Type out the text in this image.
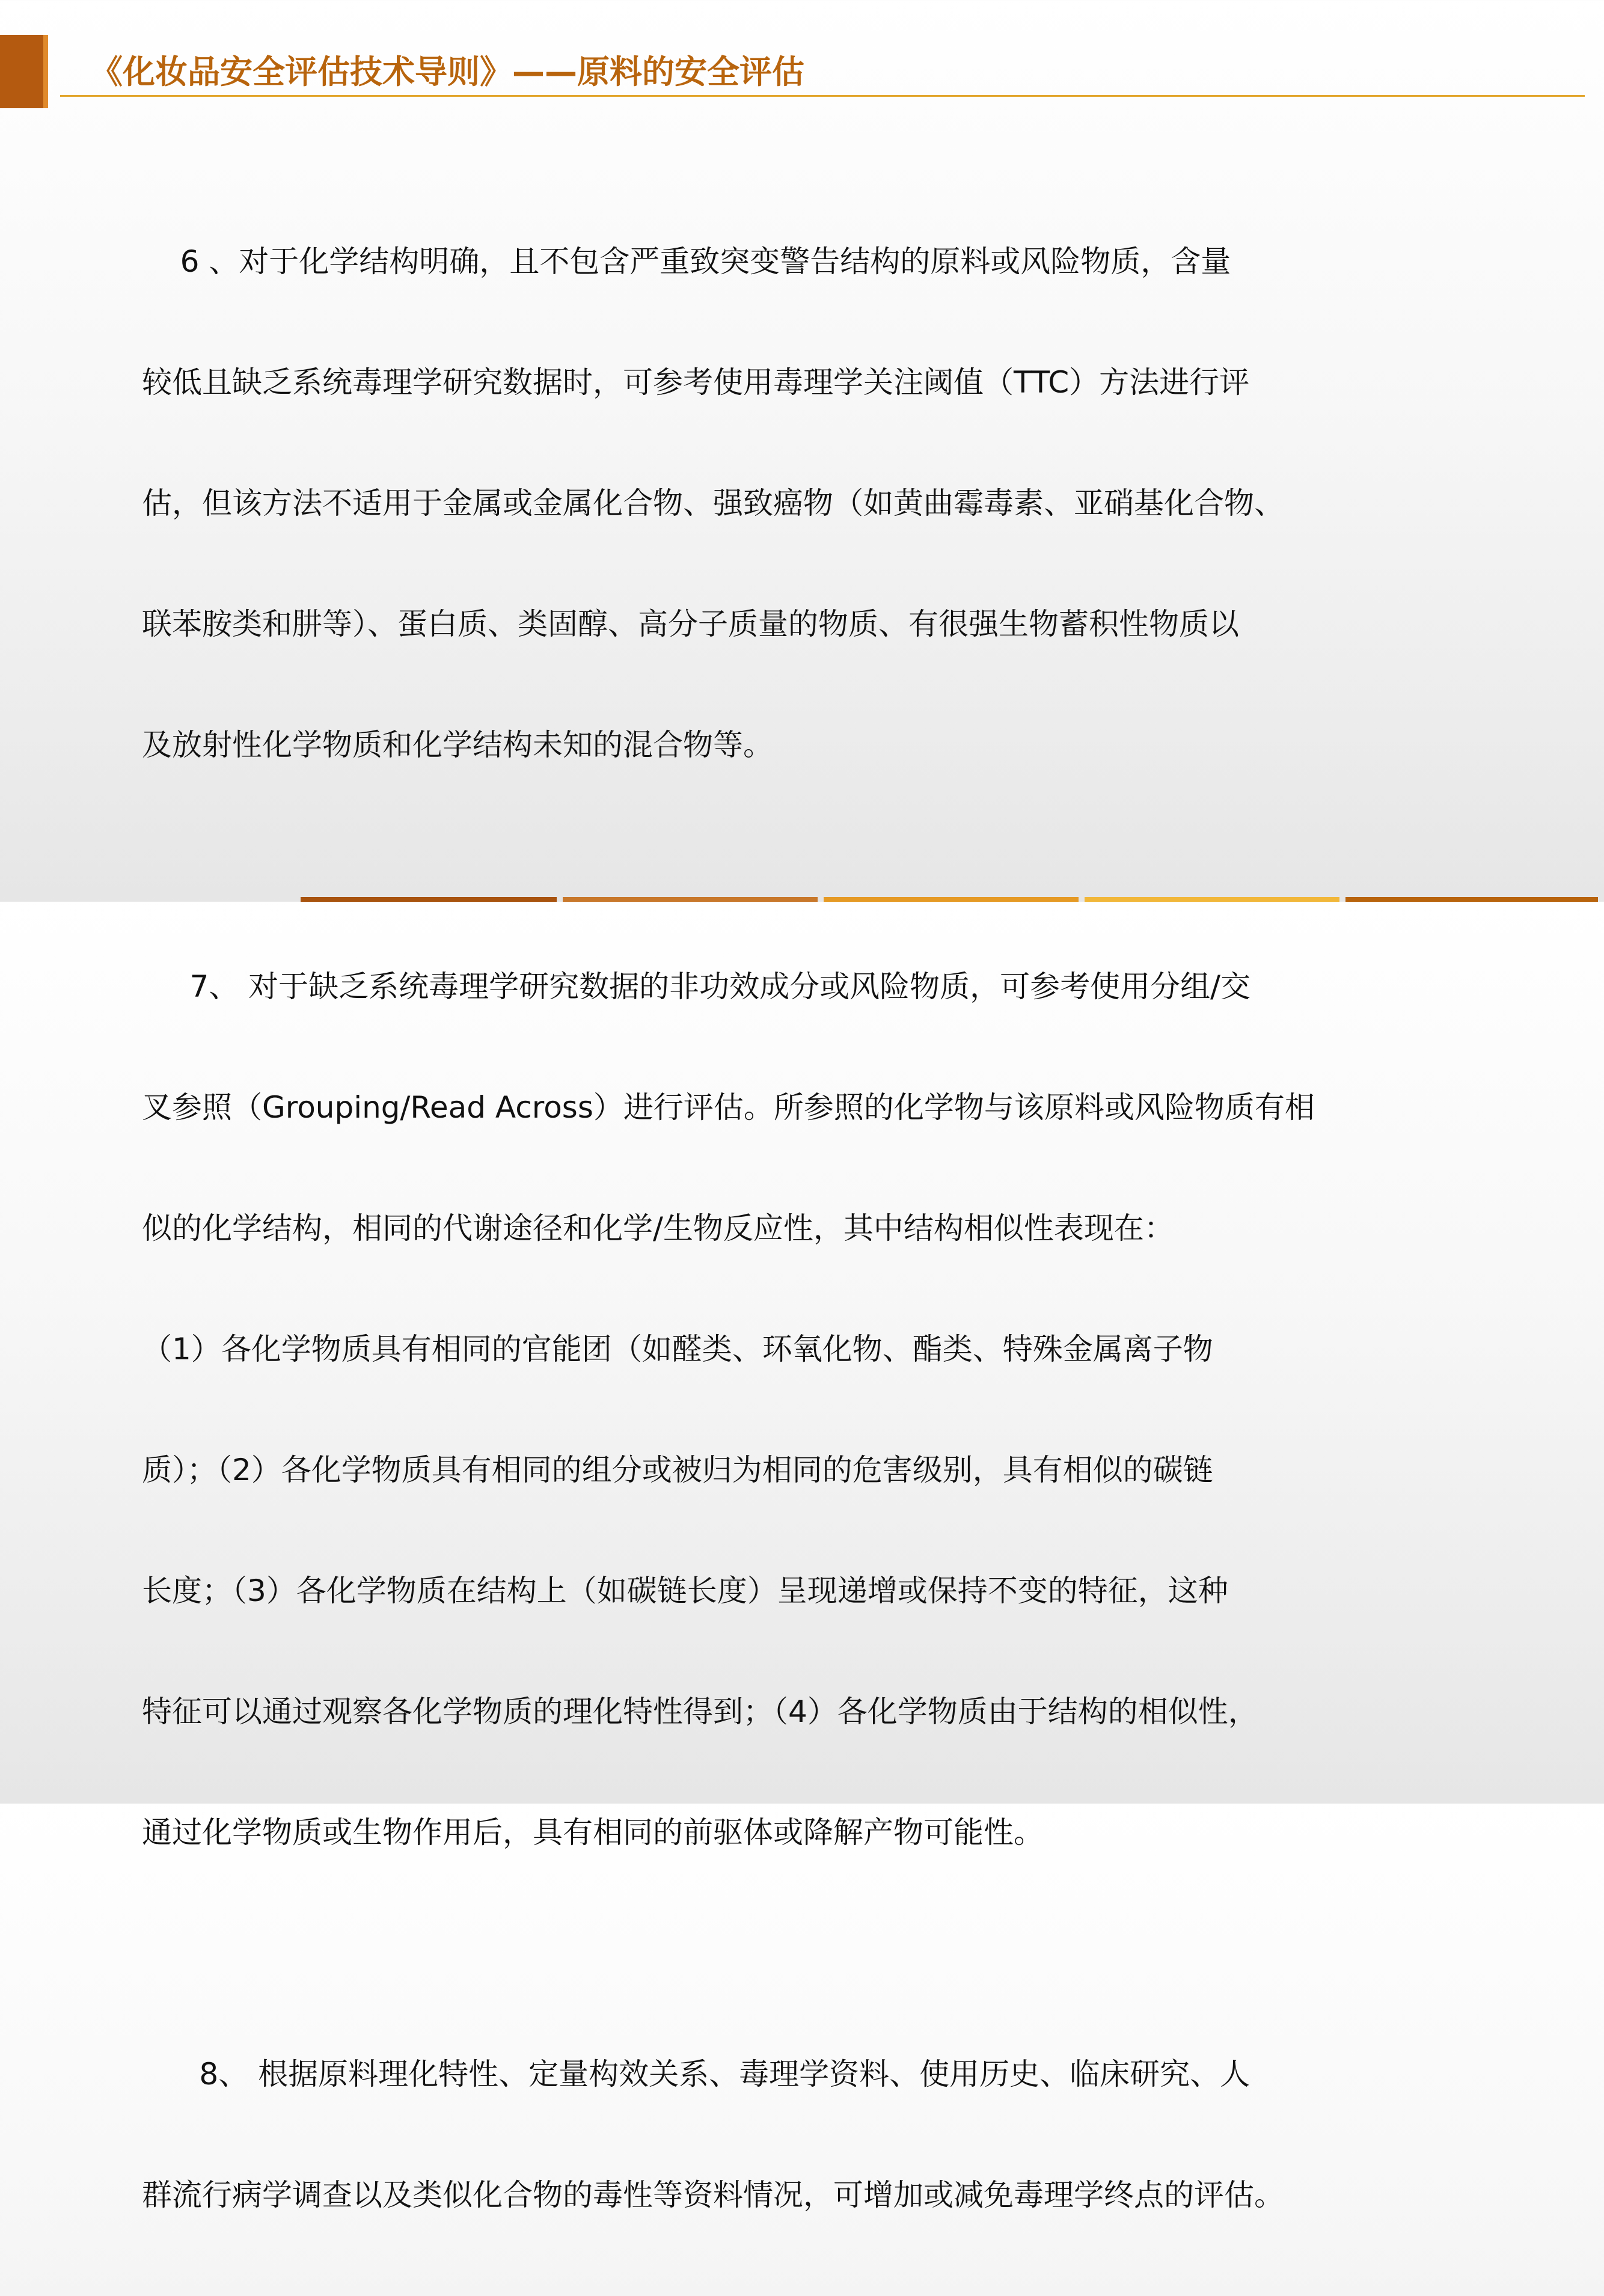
《化妆品安全评估技术导则》——原料的安全评估

6 、对于化学结构明确，且不包含严重致突变警告结构的原料或风险物质，含量

较低且缺乏系统毒理学研究数据时，可参考使用毒理学关注阈值（TTC）方法进行评

估，但该方法不适用于金属或金属化合物、强致癌物（如黄曲霉毒素、亚硝基化合物、

联苯胺类和肼等）、蛋白质、类固醇、高分子质量的物质、有很强生物蓄积性物质以

及放射性化学物质和化学结构未知的混合物等。

7、 对于缺乏系统毒理学研究数据的非功效成分或风险物质，可参考使用分组/交

叉参照（Grouping/Read Across）进行评估。所参照的化学物与该原料或风险物质有相

似的化学结构，相同的代谢途径和化学/生物反应性，其中结构相似性表现在：

（1）各化学物质具有相同的官能团（如醛类、环氧化物、酯类、特殊金属离子物

质）；（2）各化学物质具有相同的组分或被归为相同的危害级别，具有相似的碳链

长度；（3）各化学物质在结构上（如碳链长度）呈现递增或保持不变的特征，这种

特征可以通过观察各化学物质的理化特性得到；（4）各化学物质由于结构的相似性，

通过化学物质或生物作用后，具有相同的前驱体或降解产物可能性。

8、 根据原料理化特性、定量构效关系、毒理学资料、使用历史、临床研究、人

群流行病学调查以及类似化合物的毒性等资料情况，可增加或减免毒理学终点的评估。
